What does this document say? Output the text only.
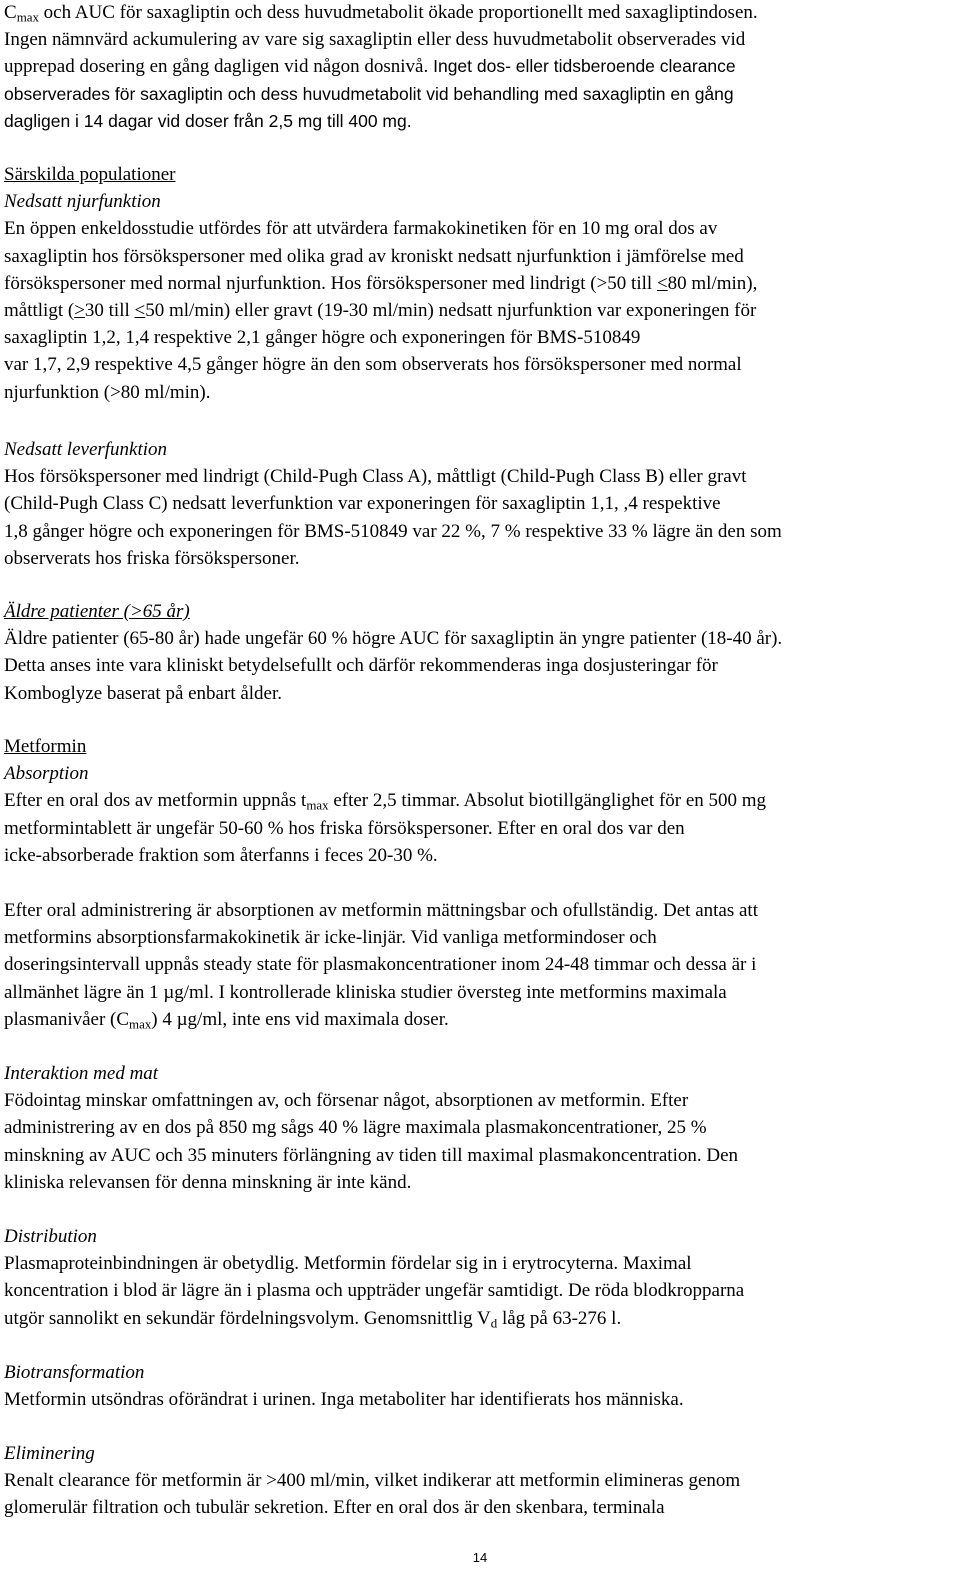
$C_{max}$ och AUC för saxagliptin och dess huvudmetabolit ökade proportionellt med saxagliptindosen.
Ingen nämnvärd ackumulering av vare sig saxagliptin eller dess huvudmetabolit observerades vid
upprepad dosering en gång dagligen vid någon dosnivå. Inget dos- eller tidsberoende clearance
observerades för saxagliptin och dess huvudmetabolit vid behandling med saxagliptin en gång
dagligen i 14 dagar vid doser från 2,5 mg till 400 mg.
Särskilda populationer
Nedsatt njurfunktion
En öppen enkeldosstudie utfördes för att utvärdera farmakokinetiken för en 10 mg oral dos av
saxagliptin hos försökspersoner med olika grad av kroniskt nedsatt njurfunktion i jämförelse med
försökspersoner med normal njurfunktion. Hos försökspersoner med lindrigt (>50 till <80 ml/min),
måttligt (>30 till <50 ml/min) eller gravt (19-30 ml/min) nedsatt njurfunktion var exponeringen för
saxagliptin 1,2, 1,4 respektive 2,1 gånger högre och exponeringen för BMS-510849
var 1,7, 2,9 respektive 4,5 gånger högre än den som observerats hos försökspersoner med normal
njurfunktion (>80 ml/min).
Nedsatt leverfunktion
Hos försökspersoner med lindrigt (Child-Pugh Class A), måttligt (Child-Pugh Class B) eller gravt
(Child-Pugh Class C) nedsatt leverfunktion var exponeringen för saxagliptin 1,1, ,4 respektive
1,8 gånger högre och exponeringen för BMS-510849 var 22 %, 7 % respektive 33 % lägre än den som
observerats hos friska försökspersoner.
Äldre patienter (>65 år)
Äldre patienter (65-80 år) hade ungefär 60 % högre AUC för saxagliptin än yngre patienter (18-40 år).
Detta anses inte vara kliniskt betydelsefullt och därför rekommenderas inga dosjusteringar för
Komboglyze baserat på enbart ålder.
Metformin
Absorption
Efter en oral dos av metformin uppnås $t_{max}$ efter 2,5 timmar. Absolut biotillgänglighet för en 500 mg
metformintablett är ungefär 50-60 % hos friska försökspersoner. Efter en oral dos var den
icke-absorberade fraktion som återfanns i feces 20-30 %.
Efter oral administrering är absorptionen av metformin mättningsbar och ofullständig. Det antas att
metformins absorptionsfarmakokinetik är icke-linjär. Vid vanliga metformindoser och
doseringsintervall uppnås steady state för plasmakoncentrationer inom 24-48 timmar och dessa är i
allmänhet lägre än 1 µg/ml. I kontrollerade kliniska studier översteg inte metformins maximala
plasmanivåer $(C_{max})$ 4 µg/ml, inte ens vid maximala doser.
Interaktion med mat
Födointag minskar omfattningen av, och försenar något, absorptionen av metformin. Efter
administrering av en dos på 850 mg sågs 40 % lägre maximala plasmakoncentrationer, 25 %
minskning av AUC och 35 minuters förlängning av tiden till maximal plasmakoncentration. Den
kliniska relevansen för denna minskning är inte känd.
Distribution
Plasmaproteinbindningen är obetydlig. Metformin fördelar sig in i erytrocyterna. Maximal
koncentration i blod är lägre än i plasma och uppträder ungefär samtidigt. De röda blodkropparna
utgör sannolikt en sekundär fördelningsvolym. Genomsnittlig $V_d$ låg på 63-276 l.
Biotransformation
Metformin utsöndras oförändrat i urinen. Inga metaboliter har identifierats hos människa.
Eliminering
Renalt clearance för metformin är >400 ml/min, vilket indikerar att metformin elimineras genom
glomerulär filtration och tubulär sekretion. Efter en oral dos är den skenbara, terminala
14
